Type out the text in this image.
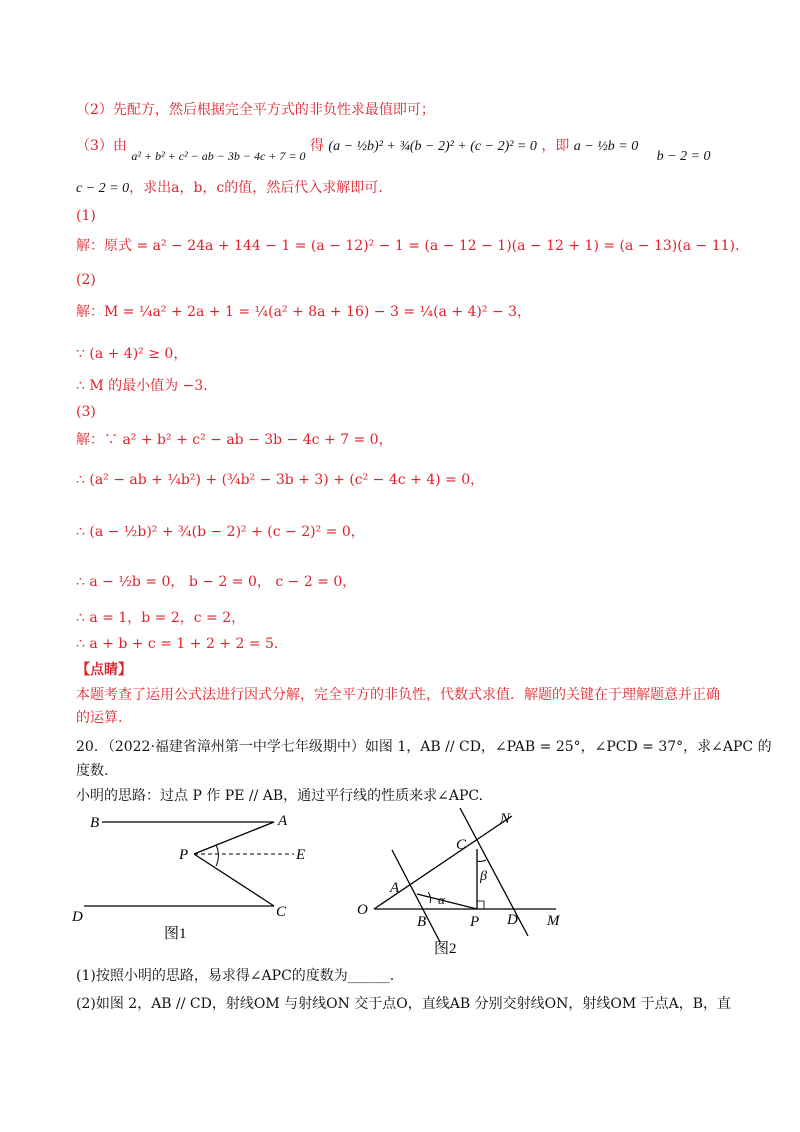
（2）先配方，然后根据完全平方式的非负性求最值即可；
（3）由 a² + b² + c² − ab − 3b − 4c + 7 = 0 得 (a − ½b)² + ¾(b − 2)² + (c − 2)² = 0 ，即 a − ½b = 0 b − 2 = 0
c − 2 = 0，求出a，b，c的值，然后代入求解即可.
(1)
解：原式 = a² − 24a + 144 − 1 = (a − 12)² − 1 = (a − 12 − 1)(a − 12 + 1) = (a − 13)(a − 11).
(2)
解：M = ¼a² + 2a + 1 = ¼(a² + 8a + 16) − 3 = ¼(a + 4)² − 3，
∵ (a + 4)² ≥ 0，
∴ M 的最小值为 −3.
(3)
解：∵ a² + b² + c² − ab − 3b − 4c + 7 = 0，
∴ (a² − ab + ¼b²) + (¾b² − 3b + 3) + (c² − 4c + 4) = 0，
∴ (a − ½b)² + ¾(b − 2)² + (c − 2)² = 0，
∴ a − ½b = 0， b − 2 = 0， c − 2 = 0，
∴ a = 1，b = 2，c = 2，
∴ a + b + c = 1 + 2 + 2 = 5.
【点睛】
本题考查了运用公式法进行因式分解，完全平方的非负性，代数式求值．解题的关键在于理解题意并正确
的运算.
20．（2022·福建省漳州第一中学七年级期中）如图 1，AB // CD，∠PAB = 25°，∠PCD = 37°，求∠APC 的
度数.
小明的思路：过点 P 作 PE // AB，通过平行线的性质来求∠APC.
B	A
P	E
D	C
图1
N
C
β
A
α
O
B	P D M
图2
(1)按照小明的思路，易求得∠APC的度数为______.
(2)如图 2，AB // CD，射线OM 与射线ON 交于点O，直线AB 分别交射线ON，射线OM 于点A，B，直
